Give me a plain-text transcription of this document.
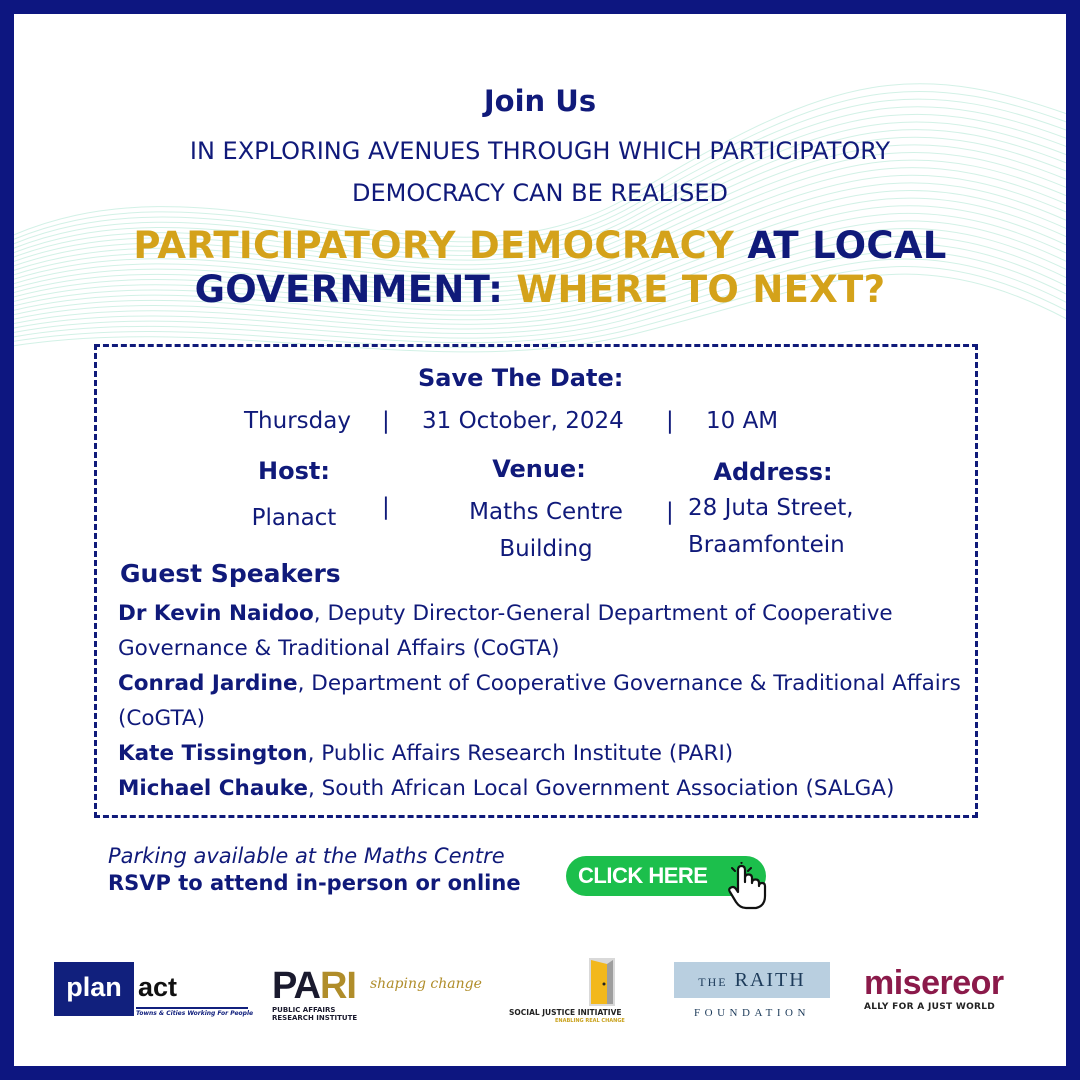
Join Us
IN EXPLORING AVENUES THROUGH WHICH PARTICIPATORY
DEMOCRACY CAN BE REALISED
PARTICIPATORY DEMOCRACY AT LOCAL
GOVERNMENT: WHERE TO NEXT?
Save The Date:
Thursday | 31 October, 2024 | 10 AM
Host:
Planact	|
Venue:
Maths Centre
Building
|
Address:
28 Juta Street,
Braamfontein
Guest Speakers

Dr Kevin Naidoo, Deputy Director-General Department of Cooperative Governance & Traditional Affairs (CoGTA)

Conrad Jardine, Department of Cooperative Governance & Traditional Affairs (CoGTA)

Kate Tissington, Public Affairs Research Institute (PARI)

Michael Chauke, South African Local Government Association (SALGA)

Parking available at the Maths Centre
RSVP to attend in-person or online	CLICK HERE
plan act
Towns & Cities Working For People
PARI
PUBLIC AFFAIRS
RESEARCH INSTITUTE
shaping change
SOCIAL JUSTICE INITIATIVE
ENABLING REAL CHANGE
THE RAITH
FOUNDATION
misereor
ALLY FOR A JUST WORLD
